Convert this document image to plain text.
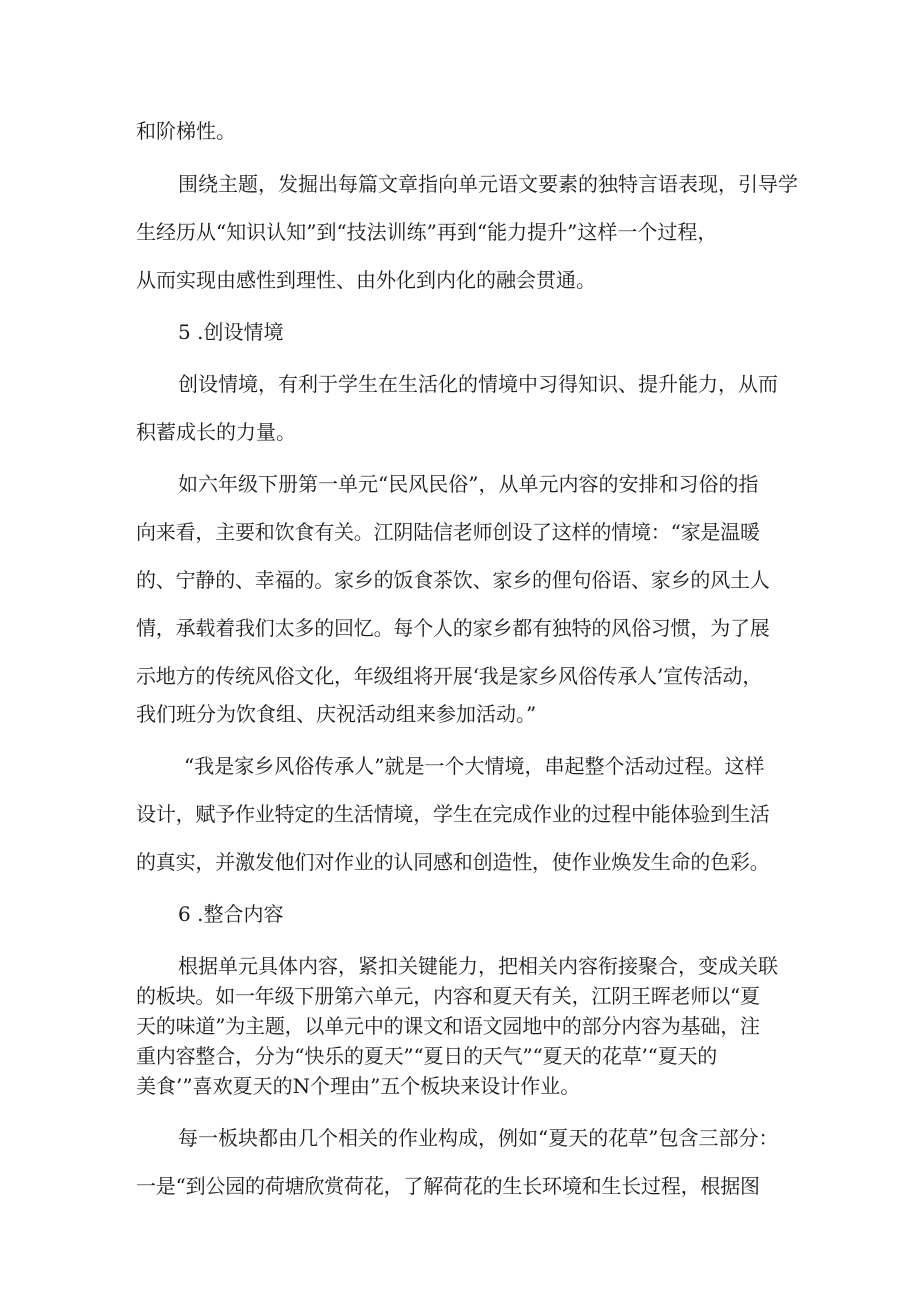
和阶梯性。
围绕主题，发掘出每篇文章指向单元语文要素的独特言语表现，引导学
生经历从“知识认知”到“技法训练”再到“能力提升”这样一个过程，
从而实现由感性到理性、由外化到内化的融会贯通。
5 .创设情境
创设情境，有利于学生在生活化的情境中习得知识、提升能力，从而
积蓄成长的力量。
如六年级下册第一单元“民风民俗”，从单元内容的安排和习俗的指
向来看，主要和饮食有关。江阴陆信老师创设了这样的情境：“家是温暖
的、宁静的、幸福的。家乡的饭食茶饮、家乡的俚句俗语、家乡的风土人
情，承载着我们太多的回忆。每个人的家乡都有独特的风俗习惯，为了展
示地方的传统风俗文化，年级组将开展‘我是家乡风俗传承人’宣传活动，
我们班分为饮食组、庆祝活动组来参加活动。”
“我是家乡风俗传承人”就是一个大情境，串起整个活动过程。这样
设计，赋予作业特定的生活情境，学生在完成作业的过程中能体验到生活
的真实，并激发他们对作业的认同感和创造性，使作业焕发生命的色彩。
6 .整合内容
根据单元具体内容，紧扣关键能力，把相关内容衔接聚合，变成关联
的板块。如一年级下册第六单元，内容和夏天有关，江阴王晖老师以“夏
天的味道”为主题，以单元中的课文和语文园地中的部分内容为基础，注
重内容整合，分为“快乐的夏天”“夏日的天气”“夏天的花草’“夏天的
美食’”喜欢夏天的N个理由”五个板块来设计作业。
每一板块都由几个相关的作业构成，例如“夏天的花草”包含三部分：
一是“到公园的荷塘欣赏荷花，了解荷花的生长环境和生长过程，根据图
